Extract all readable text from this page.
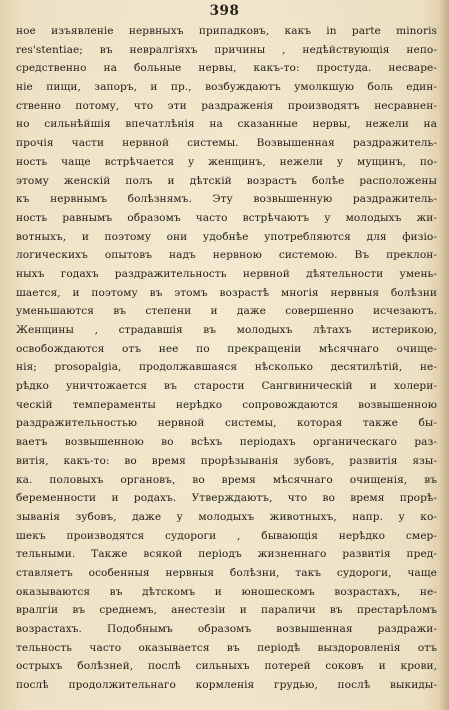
398
нoe изъявленie нервныхъ припадковъ, какъ in parte minoris
res'stentiae; въ невралгiяхъ причины , недѣйствующiя непо-
средственно на больные нервы, какъ-то: простуда. несваре-
нie пищи, запоръ, и пр., возбуждаютъ умолкшую боль един-
ственно потому, что эти раздраженiя производятъ несравнен-
но сильнѣйшiя впечатлѣнiя на сказанные нервы, нежели на
прочiя части нервной системы. Возвышенная раздражитель-
ность чаще встрѣчается у женщинъ, нежели у мущинъ, по-
этому женскiй полъ и дѣтскiй возрастъ болѣе расположены
къ нервнымъ болѣзнямъ. Эту возвышенную раздражитель-
ность равнымъ образомъ часто встрѣчаютъ у молодыхъ жи-
вотныхъ, и поэтому они удобнѣе употребляются для физiо-
логическихъ опытовъ надъ нервною системою. Въ преклон-
ныхъ годахъ раздражительность нервной дѣятельности умень-
шается, и поэтому въ этомъ возрастѣ многiя нервныя болѣзни
уменьшаются въ степени и даже совершенно исчезаютъ.
Женщины , страдавшiя въ молодыхъ лѣтахъ истерикою,
освобождаются отъ нее по прекращенiи мѣсячнаго очище-
нiя; prosopalgia, продолжавшаяся нѣсколько десятилѣтiй, не-
рѣдко уничтожается въ старости Сангвиническiй и холери-
ческiй темпераменты нерѣдко сопровождаются возвышенною
раздражительностью нервной системы, которая также бы-
ваетъ возвышенною во всѣхъ перiодахъ органическаго раз-
витiя, какъ-то: во время прорѣзыванiя зубовъ, развитiя язы-
ка. половыхъ органовъ, во время мѣсячнаго очищенiя, въ
беременности и родахъ. Утверждаютъ, что во время прорѣ-
зыванiя зубовъ, даже у молодыхъ животныхъ, напр. у ко-
шекъ производятся судороги , бывающiя нерѣдко смер-
тельными. Также всякой перiодъ жизненнаго развитiя пред-
ставляетъ особенныя нервныя болѣзни, такъ судороги, чаще
оказываются въ дѣтскомъ и юношескомъ возрастахъ, не-
вралгiи въ среднемъ, анестезiи и параличи въ престарѣломъ
возрастахъ. Подобнымъ образомъ возвышенная раздражи-
тельность часто оказывается въ перiодѣ выздоровленiя отъ
острыхъ болѣзней, послѣ сильныхъ потерей соковъ и крови,
послѣ продолжительнаго кормленiя грудью, послѣ выкиды-
